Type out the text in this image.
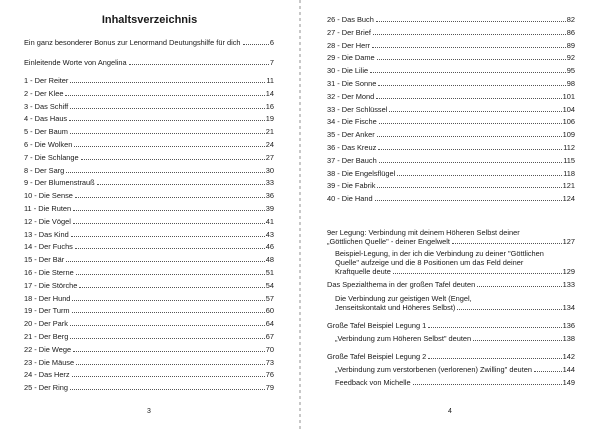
Inhaltsverzeichnis
Ein ganz besonderer Bonus zur Lenormand Deutungshilfe für dich	6
Einleitende Worte von Angelina	7
1 - Der Reiter	11
2 - Der Klee	14
3 - Das Schiff	16
4 - Das Haus	19
5 - Der Baum	21
6 - Die Wolken	24
7 - Die Schlange	27
8 - Der Sarg	30
9 - Der Blumenstrauß	33
10 - Die Sense	36
11 - Die Ruten	39
12 - Die Vögel	41
13 - Das Kind	43
14 - Der Fuchs	46
15 - Der Bär	48
16 - Die Sterne	51
17 - Die Störche	54
18 - Der Hund	57
19 - Der Turm	60
20 - Der Park	64
21 - Der Berg	67
22 - Die Wege	70
23 - Die Mäuse	73
24 - Das Herz	76
25 - Der Ring	79
3
26 - Das Buch	82
27 - Der Brief	86
28 - Der Herr	89
29 - Die Dame	92
30 - Die Lilie	95
31 - Die Sonne	98
32 - Der Mond	101
33 - Der Schlüssel	104
34 - Die Fische	106
35 - Der Anker	109
36 - Das Kreuz	112
37 - Der Bauch	115
38 - Die Engelsflügel	118
39 - Die Fabrik	121
40 - Die Hand	124
9er Legung: Verbindung mit deinem Höheren Selbst deiner
„Göttlichen Quelle" - deiner Engelwelt	127
Beispiel-Legung, in der ich die Verbindung zu deiner "Göttlichen
Quelle" aufzeige und die 8 Positionen um das Feld deiner
Kraftquelle deute	129
Das Spezialthema in der großen Tafel deuten	133
Die Verbindung zur geistigen Welt (Engel,
Jenseitskontakt und Höheres Selbst)	134
Große Tafel Beispiel Legung 1	136
„Verbindung zum Höheren Selbst" deuten	138
Große Tafel Beispiel Legung 2	142
„Verbindung zum verstorbenen (verlorenen) Zwilling" deuten	144
Feedback von Michelle	149
4
